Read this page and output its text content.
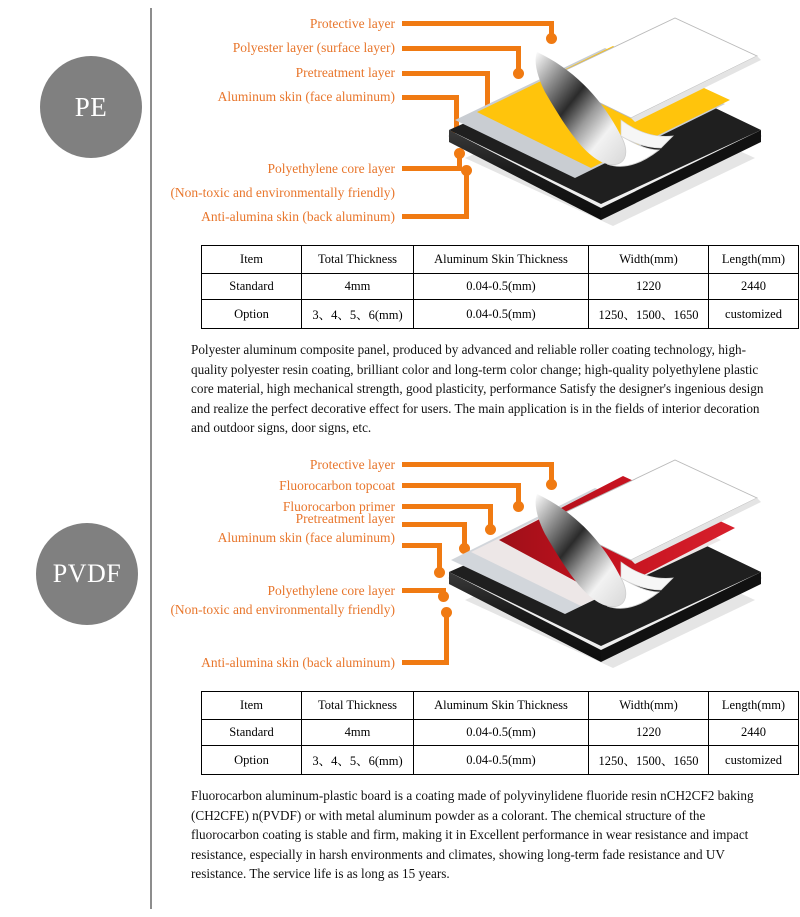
PE
Protective layer
Polyester layer (surface layer)
Pretreatment layer
Aluminum skin (face aluminum)
Polyethylene core layer
(Non-toxic and environmentally friendly)
Anti-alumina skin (back aluminum)
Item	Total Thickness	Aluminum Skin Thickness	Width(mm)	Length(mm)
Standard	4mm	0.04-0.5(mm)	1220	2440
Option	3、4、5、6(mm)	0.04-0.5(mm)	1250、1500、1650	customized
Polyester aluminum composite panel, produced by advanced and reliable roller coating technology, high-quality polyester resin coating, brilliant color and long-term color change; high-quality polyethylene plastic core material, high mechanical strength, good plasticity, performance Satisfy the designer's ingenious design and realize the perfect decorative effect for users. The main application is in the fields of interior decoration and outdoor signs, door signs, etc.
PVDF
Protective layer
Fluorocarbon topcoat
Fluorocarbon primer
Pretreatment layer
Aluminum skin (face aluminum)
Polyethylene core layer
(Non-toxic and environmentally friendly)
Anti-alumina skin (back aluminum)
Item	Total Thickness	Aluminum Skin Thickness	Width(mm)	Length(mm)
Standard	4mm	0.04-0.5(mm)	1220	2440
Option	3、4、5、6(mm)	0.04-0.5(mm)	1250、1500、1650	customized
Fluorocarbon aluminum-plastic board is a coating made of polyvinylidene fluoride resin nCH2CF2 baking (CH2CFE) n(PVDF) or with metal aluminum powder as a colorant. The chemical structure of the fluorocarbon coating is stable and firm, making it in Excellent performance in wear resistance and impact resistance, especially in harsh environments and climates, showing long-term fade resistance and UV resistance. The service life is as long as 15 years.
